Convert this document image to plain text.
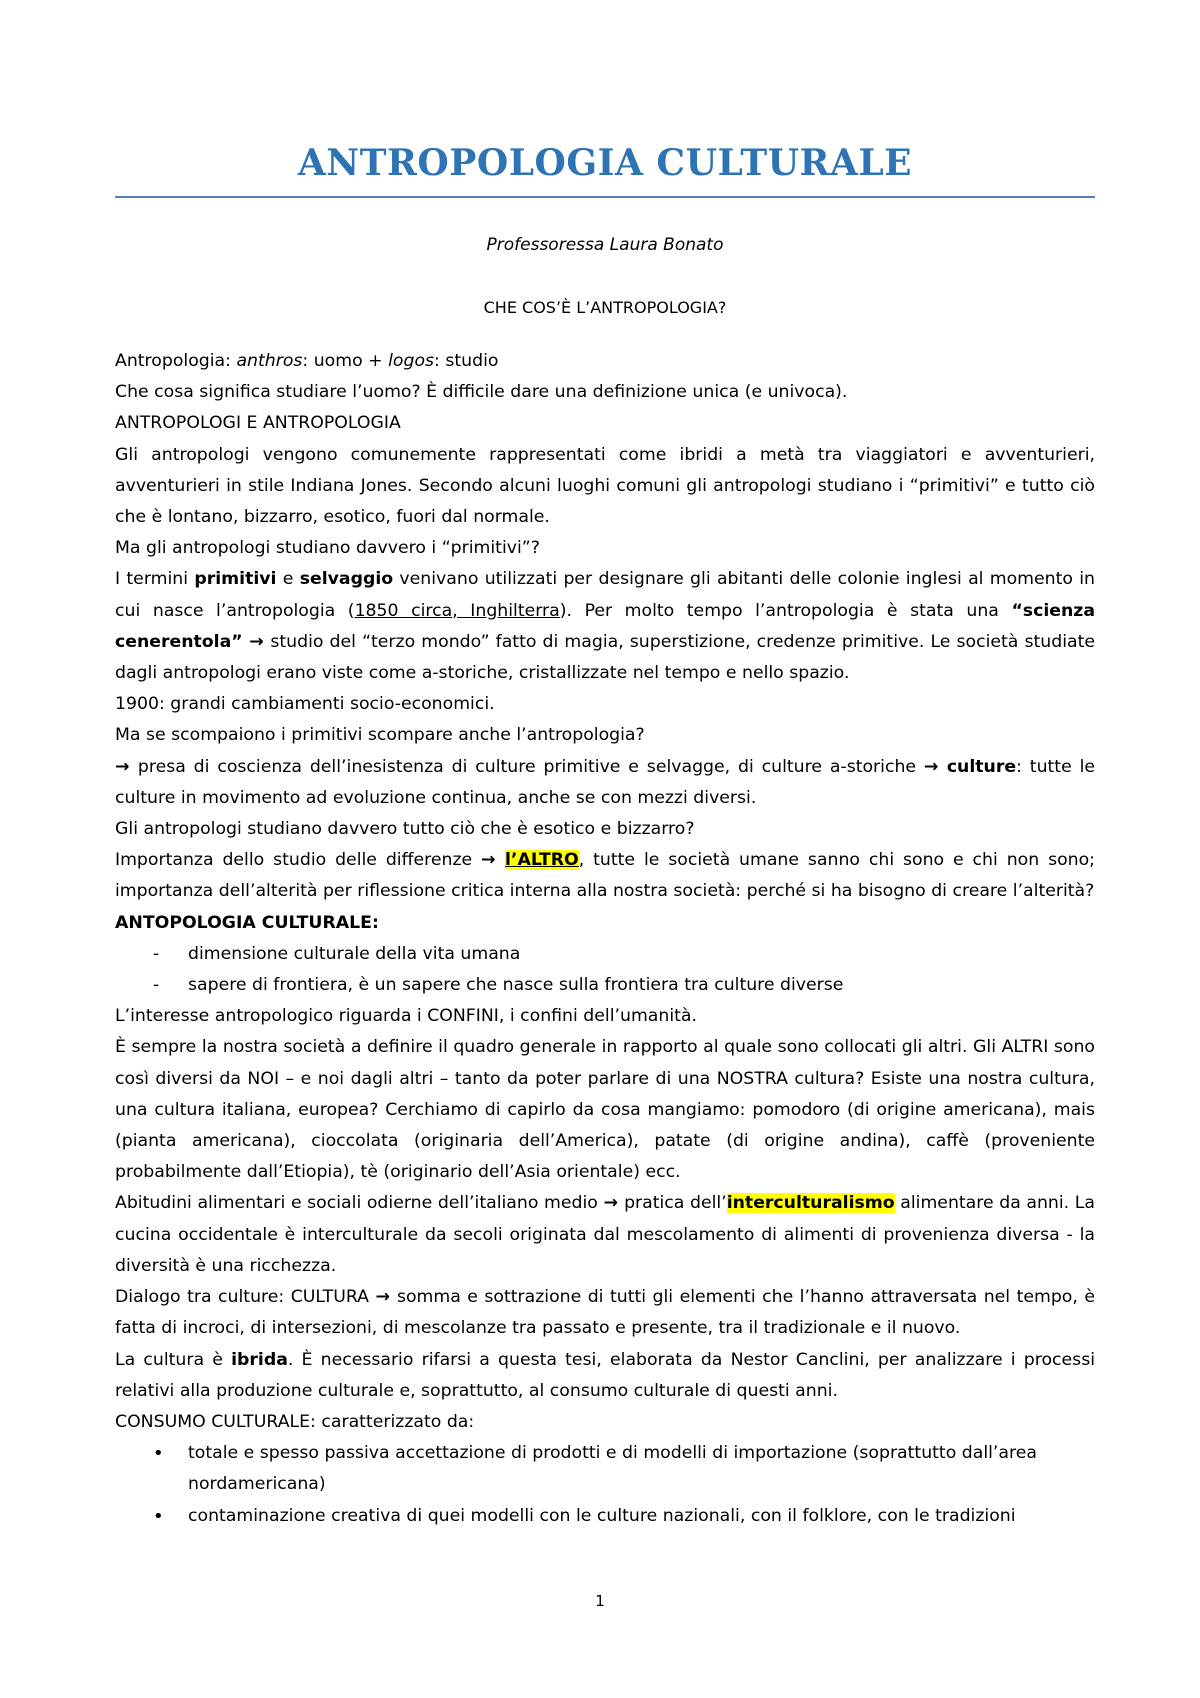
ANTROPOLOGIA CULTURALE
Professoressa Laura Bonato
CHE COS’È L’ANTROPOLOGIA?

Antropologia: anthros: uomo + logos: studio

Che cosa significa studiare l’uomo? È difficile dare una definizione unica (e univoca).

ANTROPOLOGI E ANTROPOLOGIA

Gli antropologi vengono comunemente rappresentati come ibridi a metà tra viaggiatori e avventurieri, avventurieri in stile Indiana Jones. Secondo alcuni luoghi comuni gli antropologi studiano i “primitivi” e tutto ciò che è lontano, bizzarro, esotico, fuori dal normale.

Ma gli antropologi studiano davvero i “primitivi”?

I termini primitivi e selvaggio venivano utilizzati per designare gli abitanti delle colonie inglesi al momento in cui nasce l’antropologia (1850 circa, Inghilterra). Per molto tempo l’antropologia è stata una “scienza cenerentola” → studio del “terzo mondo” fatto di magia, superstizione, credenze primitive. Le società studiate dagli antropologi erano viste come a-storiche, cristallizzate nel tempo e nello spazio.

1900: grandi cambiamenti socio-economici.

Ma se scompaiono i primitivi scompare anche l’antropologia?

→ presa di coscienza dell’inesistenza di culture primitive e selvagge, di culture a-storiche → culture: tutte le culture in movimento ad evoluzione continua, anche se con mezzi diversi.

Gli antropologi studiano davvero tutto ciò che è esotico e bizzarro?

Importanza dello studio delle differenze → l’ALTRO, tutte le società umane sanno chi sono e chi non sono; importanza dell’alterità per riflessione critica interna alla nostra società: perché si ha bisogno di creare l’alterità?

ANTOPOLOGIA CULTURALE:

- dimensione culturale della vita umana
- sapere di frontiera, è un sapere che nasce sulla frontiera tra culture diverse

L’interesse antropologico riguarda i CONFINI, i confini dell’umanità.

È sempre la nostra società a definire il quadro generale in rapporto al quale sono collocati gli altri. Gli ALTRI sono così diversi da NOI – e noi dagli altri – tanto da poter parlare di una NOSTRA cultura? Esiste una nostra cultura, una cultura italiana, europea? Cerchiamo di capirlo da cosa mangiamo: pomodoro (di origine americana), mais (pianta americana), cioccolata (originaria dell’America), patate (di origine andina), caffè (proveniente probabilmente dall’Etiopia), tè (originario dell’Asia orientale) ecc.

Abitudini alimentari e sociali odierne dell’italiano medio → pratica dell’interculturalismo alimentare da anni. La cucina occidentale è interculturale da secoli originata dal mescolamento di alimenti di provenienza diversa - la diversità è una ricchezza.

Dialogo tra culture: CULTURA → somma e sottrazione di tutti gli elementi che l’hanno attraversata nel tempo, è fatta di incroci, di intersezioni, di mescolanze tra passato e presente, tra il tradizionale e il nuovo.

La cultura è ibrida. È necessario rifarsi a questa tesi, elaborata da Nestor Canclini, per analizzare i processi relativi alla produzione culturale e, soprattutto, al consumo culturale di questi anni.

CONSUMO CULTURALE: caratterizzato da:

• totale e spesso passiva accettazione di prodotti e di modelli di importazione (soprattutto dall’area nordamericana)
• contaminazione creativa di quei modelli con le culture nazionali, con il folklore, con le tradizioni
1
